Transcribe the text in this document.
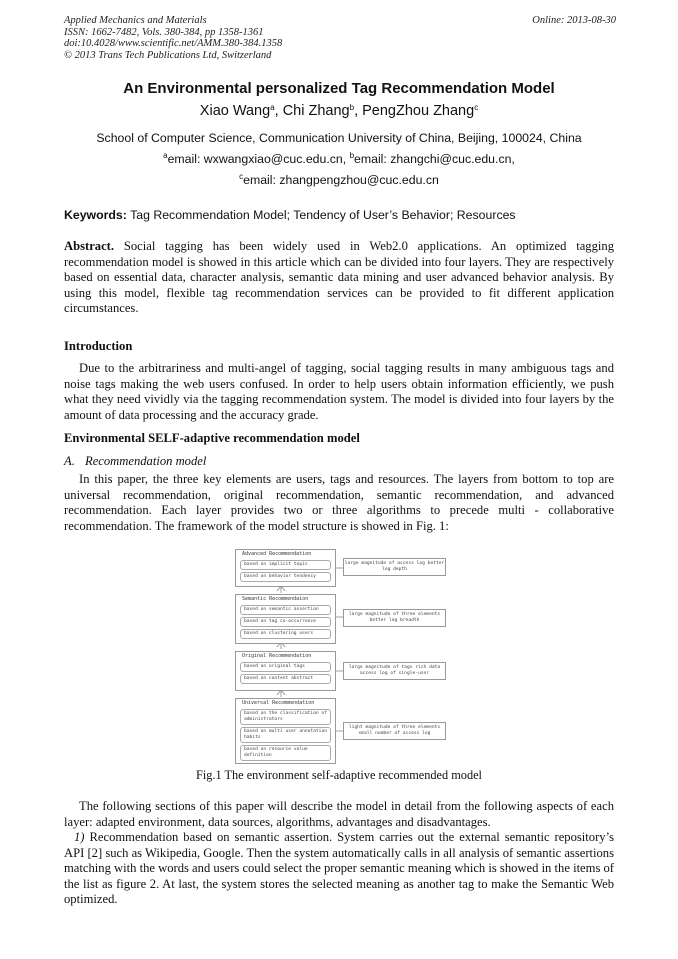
Applied Mechanics and Materials
ISSN: 1662-7482, Vols. 380-384, pp 1358-1361
doi:10.4028/www.scientific.net/AMM.380-384.1358
© 2013 Trans Tech Publications Ltd, Switzerland
Online: 2013-08-30
An Environmental personalized Tag Recommendation Model
Xiao Wang$^a$, Chi Zhang$^b$, PengZhou Zhang$^c$
School of Computer Science, Communication University of China, Beijing, 100024, China
$^a$email: wxwangxiao@cuc.edu.cn, $^b$email: zhangchi@cuc.edu.cn,
$^c$email: zhangpengzhou@cuc.edu.cn
Keywords: Tag Recommendation Model; Tendency of User’s Behavior; Resources
Abstract. Social tagging has been widely used in Web2.0 applications. An optimized tagging recommendation model is showed in this article which can be divided into four layers. They are respectively based on essential data, character analysis, semantic data mining and user advanced behavior analysis. By using this model, flexible tag recommendation services can be provided to fit different application circumstances.
Introduction
Due to the arbitrariness and multi-angel of tagging, social tagging results in many ambiguous tags and noise tags making the web users confused. In order to help users obtain information efficiently, we push what they need vividly via the tagging recommendation system. The model is divided into four layers by the amount of data processing and the accuracy grade.
Environmental SELF-adaptive recommendation model
A. Recommendation model
In this paper, the three key elements are users, tags and resources. The layers from bottom to top are universal recommendation, original recommendation, semantic recommendation, and advanced recommendation. Each layer provides two or three algorithms to precede multi - collaborative recommendation. The framework of the model structure is showed in Fig. 1:
Advanced Recommendation
based on implicit topic
based on behavior tendency
large magnitude of access log better log depth
Semantic Recommendaion
based on semantic assertion
based on tag co-occurrence
based on clustering users
large magnitude of three elements better log breadth
Original Recommendation
based on original tags
based on content abstract
large magnitude of tags rich data access log of single-user
Universal Recommendation
based on the classification of administrators
based on multi user annotation habits
based on resource value definition
light magnitude of three elements small number of access log
Fig.1 The environment self-adaptive recommended model
The following sections of this paper will describe the model in detail from the following aspects of each layer: adapted environment, data sources, algorithms, advantages and disadvantages.
1) Recommendation based on semantic assertion. System carries out the external semantic repository’s API [2] such as Wikipedia, Google. Then the system automatically calls in all analysis of semantic assertions matching with the words and users could select the proper semantic meaning which is showed in the items of the list as figure 2. At last, the system stores the selected meaning as another tag to make the Semantic Web optimized.
